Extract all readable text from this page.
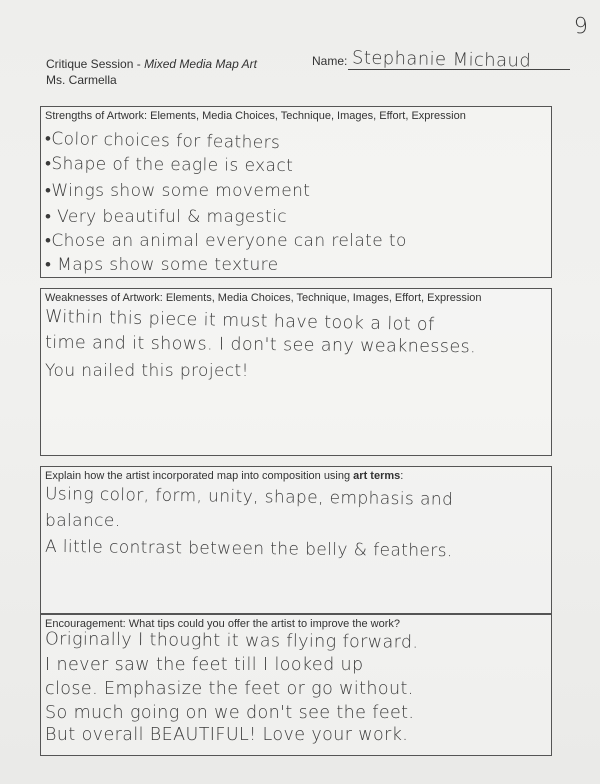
9
Critique Session - Mixed Media Map Art
Ms. Carmella
Name: Stephanie Michaud
Strengths of Artwork: Elements, Media Choices, Technique, Images, Effort, Expression
•Color choices for feathers
•Shape of the eagle is exact
•Wings show some movement
• Very beautiful & magestic
•Chose an animal everyone can relate to
• Maps show some texture
Weaknesses of Artwork: Elements, Media Choices, Technique, Images, Effort, Expression
Within this piece it must have took a lot of
time and it shows. I don't see any weaknesses.
You nailed this project!
Explain how the artist incorporated map into composition using art terms:
Using color, form, unity, shape, emphasis and
balance.
A little contrast between the belly & feathers.
Encouragement: What tips could you offer the artist to improve the work?
Originally I thought it was flying forward.
I never saw the feet till I looked up
close. Emphasize the feet or go without.
So much going on we don't see the feet.
But overall BEAUTIFUL! Love your work.
